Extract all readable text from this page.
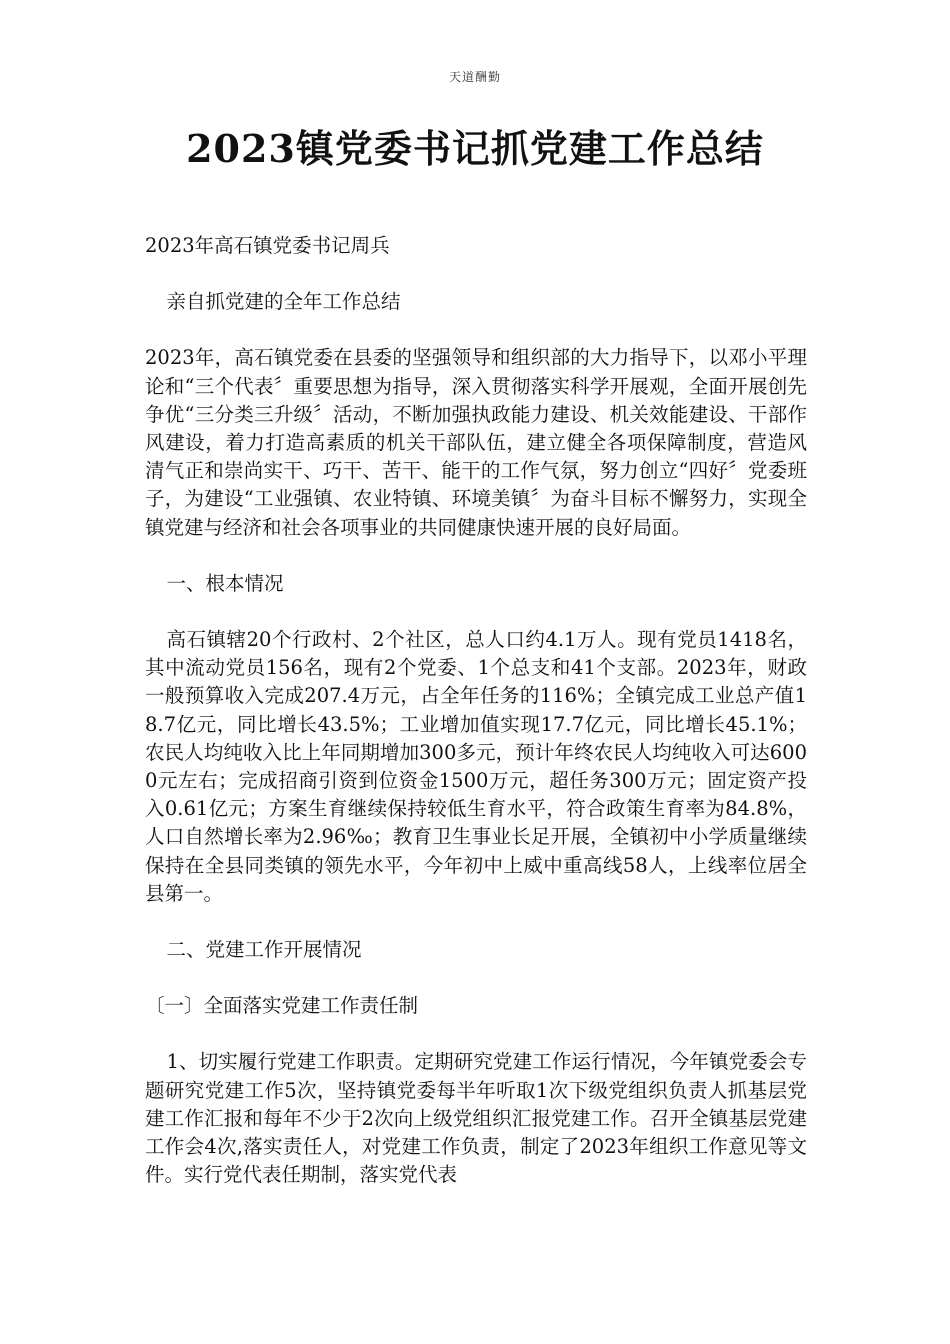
天道酬勤
2023镇党委书记抓党建工作总结

2023年高石镇党委书记周兵

亲自抓党建的全年工作总结

2023年，高石镇党委在县委的坚强领导和组织部的大力指导下，以邓小平理论和“三个代表〞重要思想为指导，深入贯彻落实科学开展观，全面开展创先争优“三分类三升级〞活动，不断加强执政能力建设、机关效能建设、干部作风建设，着力打造高素质的机关干部队伍，建立健全各项保障制度，营造风清气正和崇尚实干、巧干、苦干、能干的工作气氛，努力创立“四好〞党委班子，为建设“工业强镇、农业特镇、环境美镇〞为奋斗目标不懈努力，实现全镇党建与经济和社会各项事业的共同健康快速开展的良好局面。

一、根本情况

高石镇辖20个行政村、2个社区，总人口约4.1万人。现有党员1418名，其中流动党员156名，现有2个党委、1个总支和41个支部。2023年，财政一般预算收入完成207.4万元，占全年任务的116%；全镇完成工业总产值18.7亿元，同比增长43.5%；工业增加值实现17.7亿元，同比增长45.1%；农民人均纯收入比上年同期增加300多元，预计年终农民人均纯收入可达6000元左右；完成招商引资到位资金1500万元，超任务300万元；固定资产投入0.61亿元；方案生育继续保持较低生育水平，符合政策生育率为84.8%，人口自然增长率为2.96‰；教育卫生事业长足开展，全镇初中小学质量继续保持在全县同类镇的领先水平，今年初中上威中重高线58人，上线率位居全县第一。

二、党建工作开展情况

〔一〕全面落实党建工作责任制

1、切实履行党建工作职责。定期研究党建工作运行情况，今年镇党委会专题研究党建工作5次，坚持镇党委每半年听取1次下级党组织负责人抓基层党建工作汇报和每年不少于2次向上级党组织汇报党建工作。召开全镇基层党建工作会4次,落实责任人，对党建工作负责，制定了2023年组织工作意见等文件。实行党代表任期制，落实党代表
